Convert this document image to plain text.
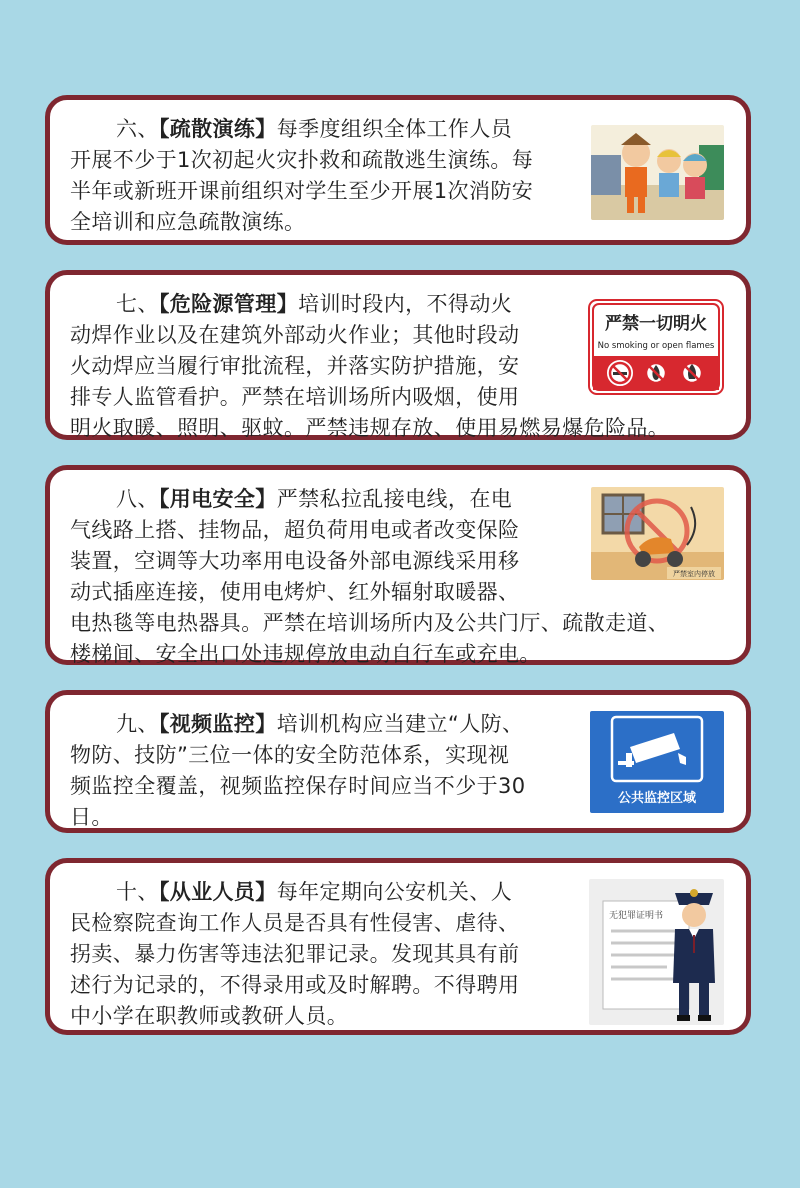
六、【疏散演练】每季度组织全体工作人员
开展不少于1次初起火灾扑救和疏散逃生演练。每
半年或新班开课前组织对学生至少开展1次消防安
全培训和应急疏散演练。
七、【危险源管理】培训时段内，不得动火
动焊作业以及在建筑外部动火作业；其他时段动
火动焊应当履行审批流程，并落实防护措施，安
排专人监管看护。严禁在培训场所内吸烟，使用
明火取暖、照明、驱蚊。严禁违规存放、使用易燃易爆危险品。
严禁一切明火
No smoking or open flames
八、【用电安全】严禁私拉乱接电线，在电
气线路上搭、挂物品，超负荷用电或者改变保险
装置，空调等大功率用电设备外部电源线采用移
动式插座连接，使用电烤炉、红外辐射取暖器、
电热毯等电热器具。严禁在培训场所内及公共门厅、疏散走道、
楼梯间、安全出口处违规停放电动自行车或充电。
严禁室内停放
九、【视频监控】培训机构应当建立“人防、
物防、技防”三位一体的安全防范体系，实现视
频监控全覆盖，视频监控保存时间应当不少于30
日。
公共监控区域
十、【从业人员】每年定期向公安机关、人
民检察院查询工作人员是否具有性侵害、虐待、
拐卖、暴力伤害等违法犯罪记录。发现其具有前
述行为记录的，不得录用或及时解聘。不得聘用
中小学在职教师或教研人员。
无犯罪证明书
